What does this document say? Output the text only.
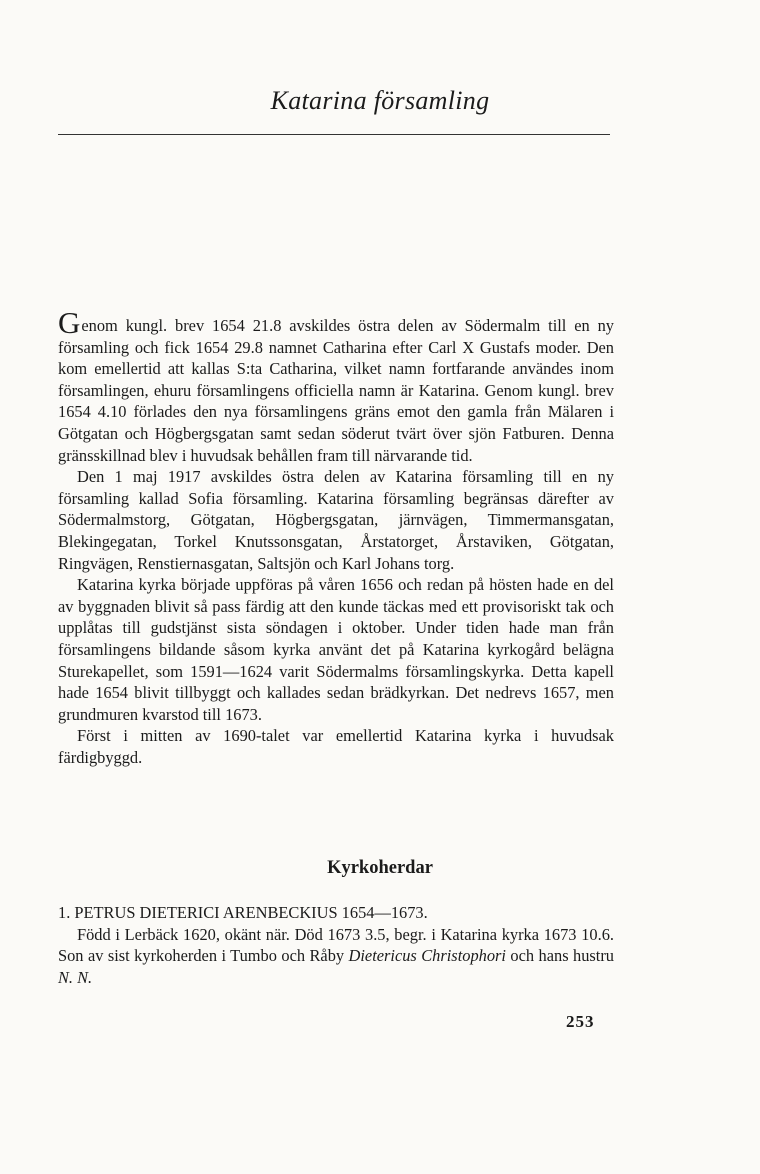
Katarina församling

Genom kungl. brev 1654 21.8 avskildes östra delen av Södermalm till en ny församling och fick 1654 29.8 namnet Catharina efter Carl X Gustafs moder. Den kom emellertid att kallas S:ta Catharina, vilket namn fortfarande användes inom församlingen, ehuru församlingens officiella namn är Katarina. Genom kungl. brev 1654 4.10 förlades den nya församlingens gräns emot den gamla från Mälaren i Götgatan och Högbergsgatan samt sedan söderut tvärt över sjön Fatburen. Denna gränsskillnad blev i huvudsak behållen fram till närvarande tid.

Den 1 maj 1917 avskildes östra delen av Katarina församling till en ny församling kallad Sofia församling. Katarina församling begränsas därefter av Södermalmstorg, Götgatan, Högbergsgatan, järnvägen, Timmermansgatan, Blekingegatan, Torkel Knutssonsgatan, Årstatorget, Årstaviken, Götgatan, Ringvägen, Renstiernasgatan, Saltsjön och Karl Johans torg.

Katarina kyrka började uppföras på våren 1656 och redan på hösten hade en del av byggnaden blivit så pass färdig att den kunde täckas med ett provisoriskt tak och upplåtas till gudstjänst sista söndagen i oktober. Under tiden hade man från församlingens bildande såsom kyrka använt det på Katarina kyrkogård belägna Sturekapellet, som 1591—1624 varit Södermalms församlingskyrka. Detta kapell hade 1654 blivit tillbyggt och kallades sedan brädkyrkan. Det nedrevs 1657, men grundmuren kvarstod till 1673.

Först i mitten av 1690-talet var emellertid Katarina kyrka i huvudsak färdigbyggd.

Kyrkoherdar

1. PETRUS DIETERICI ARENBECKIUS 1654—1673.

Född i Lerbäck 1620, okänt när. Död 1673 3.5, begr. i Katarina kyrka 1673 10.6. Son av sist kyrkoherden i Tumbo och Råby Dietericus Christophori och hans hustru N. N.

253
